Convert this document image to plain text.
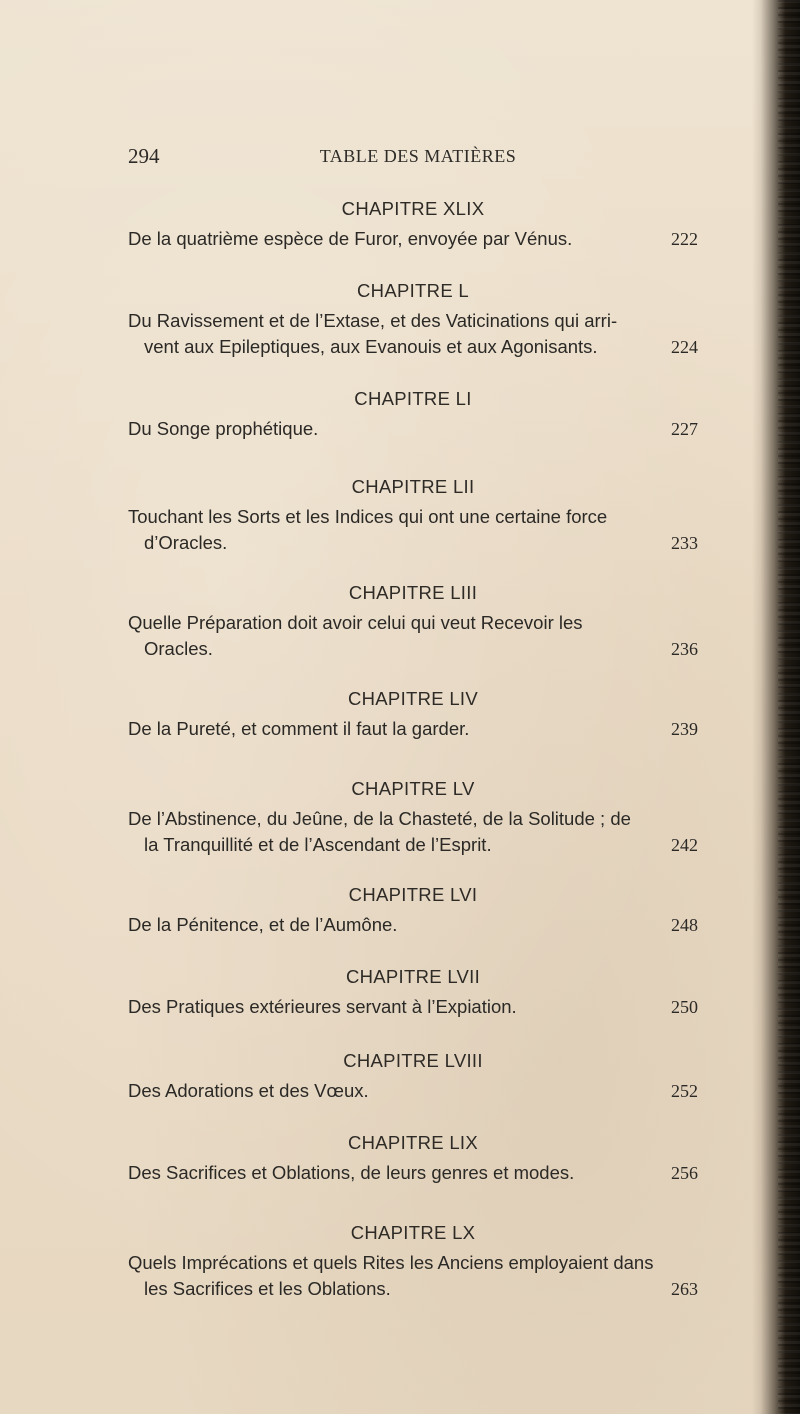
294	TABLE DES MATIÈRES
CHAPITRE XLIX
De la quatrième espèce de Furor, envoyée par Vénus.	222
CHAPITRE L
Du Ravissement et de l’Extase, et des Vaticinations qui arri-
vent aux Epileptiques, aux Evanouis et aux Agonisants.	224
CHAPITRE LI
Du Songe prophétique.	227
CHAPITRE LII
Touchant les Sorts et les Indices qui ont une certaine force
d’Oracles.	233
CHAPITRE LIII
Quelle Préparation doit avoir celui qui veut Recevoir les
Oracles.	236
CHAPITRE LIV
De la Pureté, et comment il faut la garder.	239
CHAPITRE LV
De l’Abstinence, du Jeûne, de la Chasteté, de la Solitude ; de
la Tranquillité et de l’Ascendant de l’Esprit.	242
CHAPITRE LVI
De la Pénitence, et de l’Aumône.	248
CHAPITRE LVII
Des Pratiques extérieures servant à l’Expiation.	250
CHAPITRE LVIII
Des Adorations et des Vœux.	252
CHAPITRE LIX
Des Sacrifices et Oblations, de leurs genres et modes.	256
CHAPITRE LX
Quels Imprécations et quels Rites les Anciens employaient dans
les Sacrifices et les Oblations.	263
